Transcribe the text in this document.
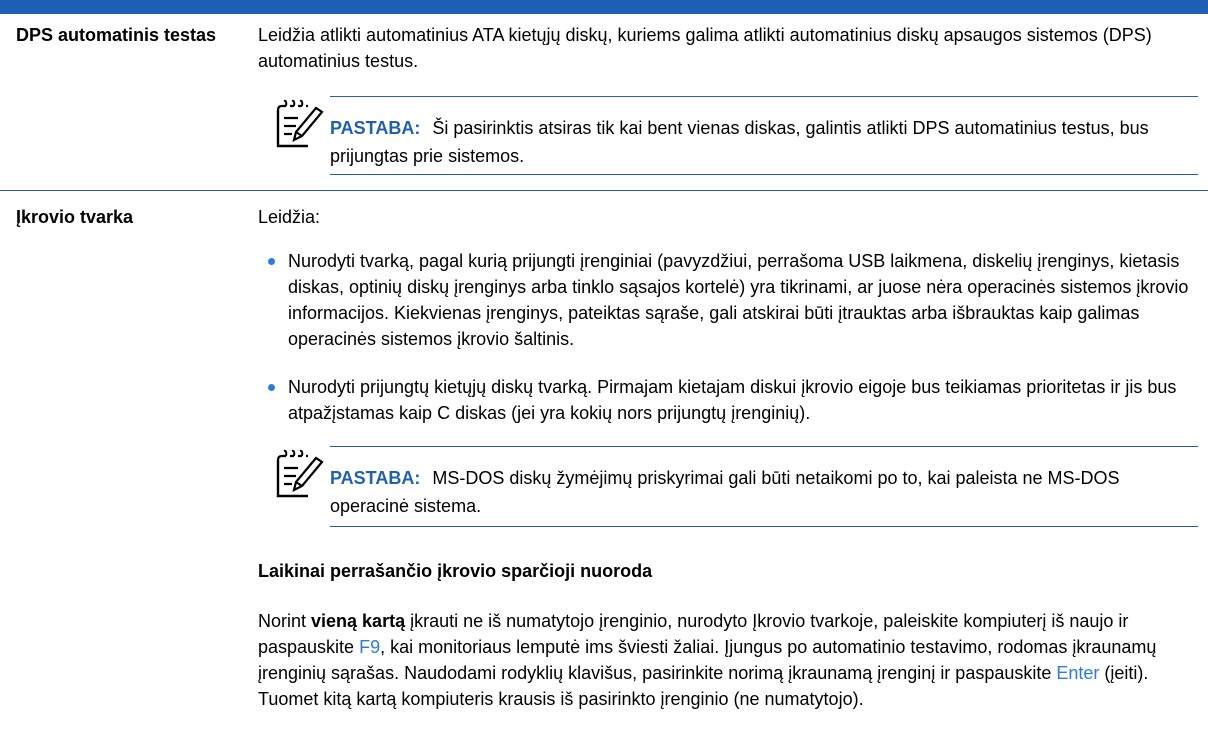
DPS automatinis testas	Leidžia atlikti automatinius ATA kietųjų diskų, kuriems galima atlikti automatinius diskų apsaugos sistemos (DPS) automatinius testus.
PASTABA: Ši pasirinktis atsiras tik kai bent vienas diskas, galintis atlikti DPS automatinius testus, bus prijungtas prie sistemos.
Įkrovio tvarka	Leidžia:
Nurodyti tvarką, pagal kurią prijungti įrenginiai (pavyzdžiui, perrašoma USB laikmena, diskelių įrenginys, kietasis diskas, optinių diskų įrenginys arba tinklo sąsajos kortelė) yra tikrinami, ar juose nėra operacinės sistemos įkrovio informacijos. Kiekvienas įrenginys, pateiktas sąraše, gali atskirai būti įtrauktas arba išbrauktas kaip galimas operacinės sistemos įkrovio šaltinis.
Nurodyti prijungtų kietųjų diskų tvarką. Pirmajam kietajam diskui įkrovio eigoje bus teikiamas prioritetas ir jis bus atpažįstamas kaip C diskas (jei yra kokių nors prijungtų įrenginių).
PASTABA: MS-DOS diskų žymėjimų priskyrimai gali būti netaikomi po to, kai paleista ne MS-DOS operacinė sistema.
Laikinai perrašančio įkrovio sparčioji nuoroda
Norint vieną kartą įkrauti ne iš numatytojo įrenginio, nurodyto Įkrovio tvarkoje, paleiskite kompiuterį iš naujo ir paspauskite F9, kai monitoriaus lemputė ims šviesti žaliai. Įjungus po automatinio testavimo, rodomas įkraunamų įrenginių sąrašas. Naudodami rodyklių klavišus, pasirinkite norimą įkraunamą įrenginį ir paspauskite Enter (įeiti). Tuomet kitą kartą kompiuteris krausis iš pasirinkto įrenginio (ne numatytojo).
